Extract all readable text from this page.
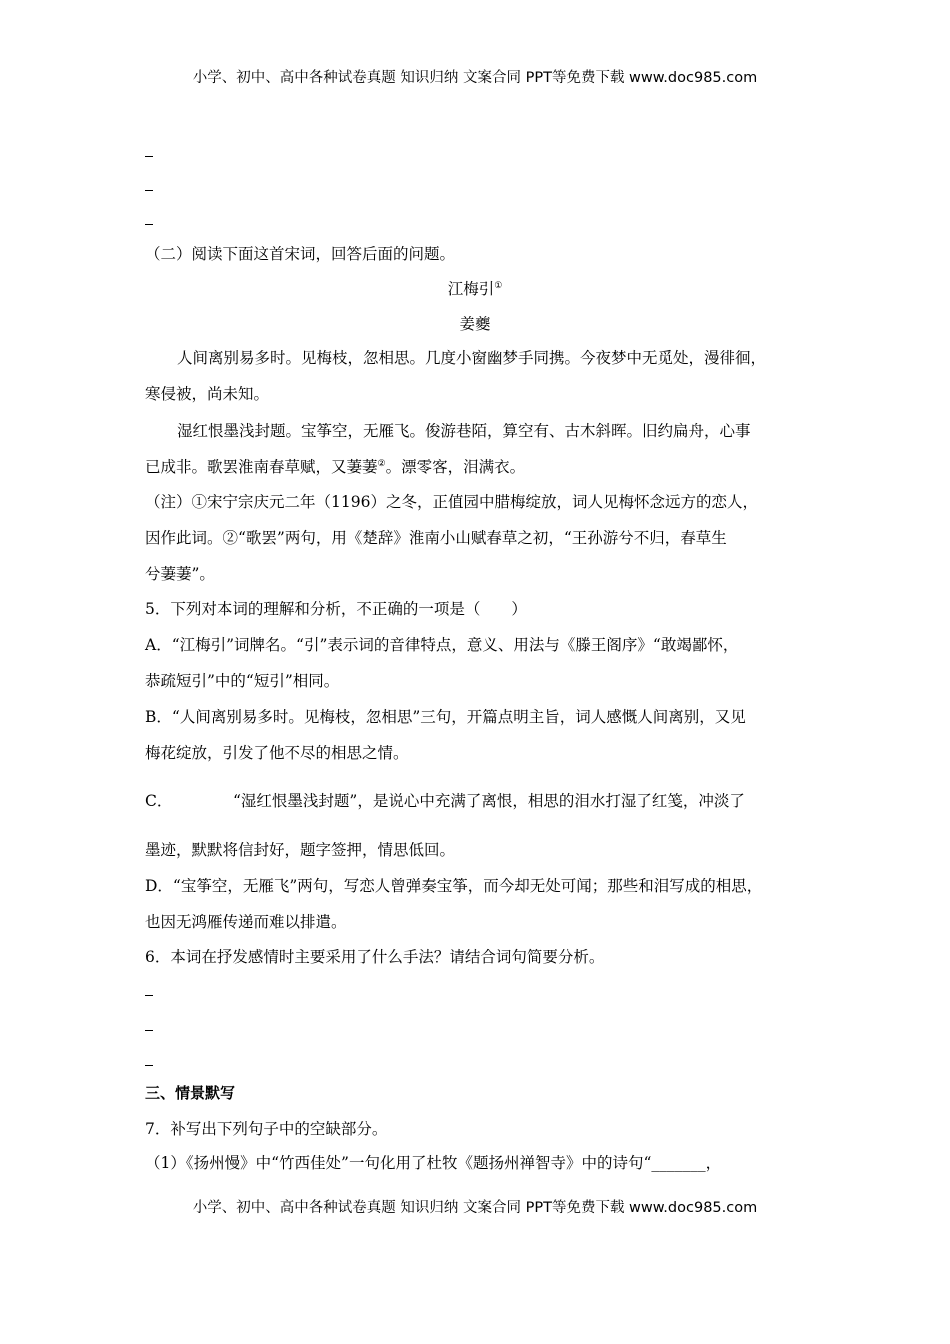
小学、初中、高中各种试卷真题 知识归纳 文案合同 PPT等免费下载 www.doc985.com
（二）阅读下面这首宋词，回答后面的问题。
江梅引①
姜夔
人间离别易多时。见梅枝，忽相思。几度小窗幽梦手同携。今夜梦中无觅处，漫徘徊，
寒侵被，尚未知。
湿红恨墨浅封题。宝筝空，无雁飞。俊游巷陌，算空有、古木斜晖。旧约扁舟，心事
已成非。歌罢淮南春草赋，又萋萋②。漂零客，泪满衣。
（注）①宋宁宗庆元二年（1196）之冬，正值园中腊梅绽放，词人见梅怀念远方的恋人，
因作此词。②“歌罢”两句，用《楚辞》淮南小山赋春草之初，“王孙游兮不归，春草生
兮萋萋”。
5．下列对本词的理解和分析，不正确的一项是（　　）
A．“江梅引”词牌名。“引”表示词的音律特点，意义、用法与《滕王阁序》“敢竭鄙怀，
恭疏短引”中的“短引”相同。
B．“人间离别易多时。见梅枝，忽相思”三句，开篇点明主旨，词人感慨人间离别，又见
梅花绽放，引发了他不尽的相思之情。
C．	“湿红恨墨浅封题”，是说心中充满了离恨，相思的泪水打湿了红笺，冲淡了
墨迹，默默将信封好，题字签押，情思低回。
D．“宝筝空，无雁飞”两句，写恋人曾弹奏宝筝，而今却无处可闻；那些和泪写成的相思，
也因无鸿雁传递而难以排遣。
6．本词在抒发感情时主要采用了什么手法？请结合词句简要分析。
三、情景默写
7．补写出下列句子中的空缺部分。
（1）《扬州慢》中“竹西佳处”一句化用了杜牧《题扬州禅智寺》中的诗句“_______，
小学、初中、高中各种试卷真题 知识归纳 文案合同 PPT等免费下载 www.doc985.com
